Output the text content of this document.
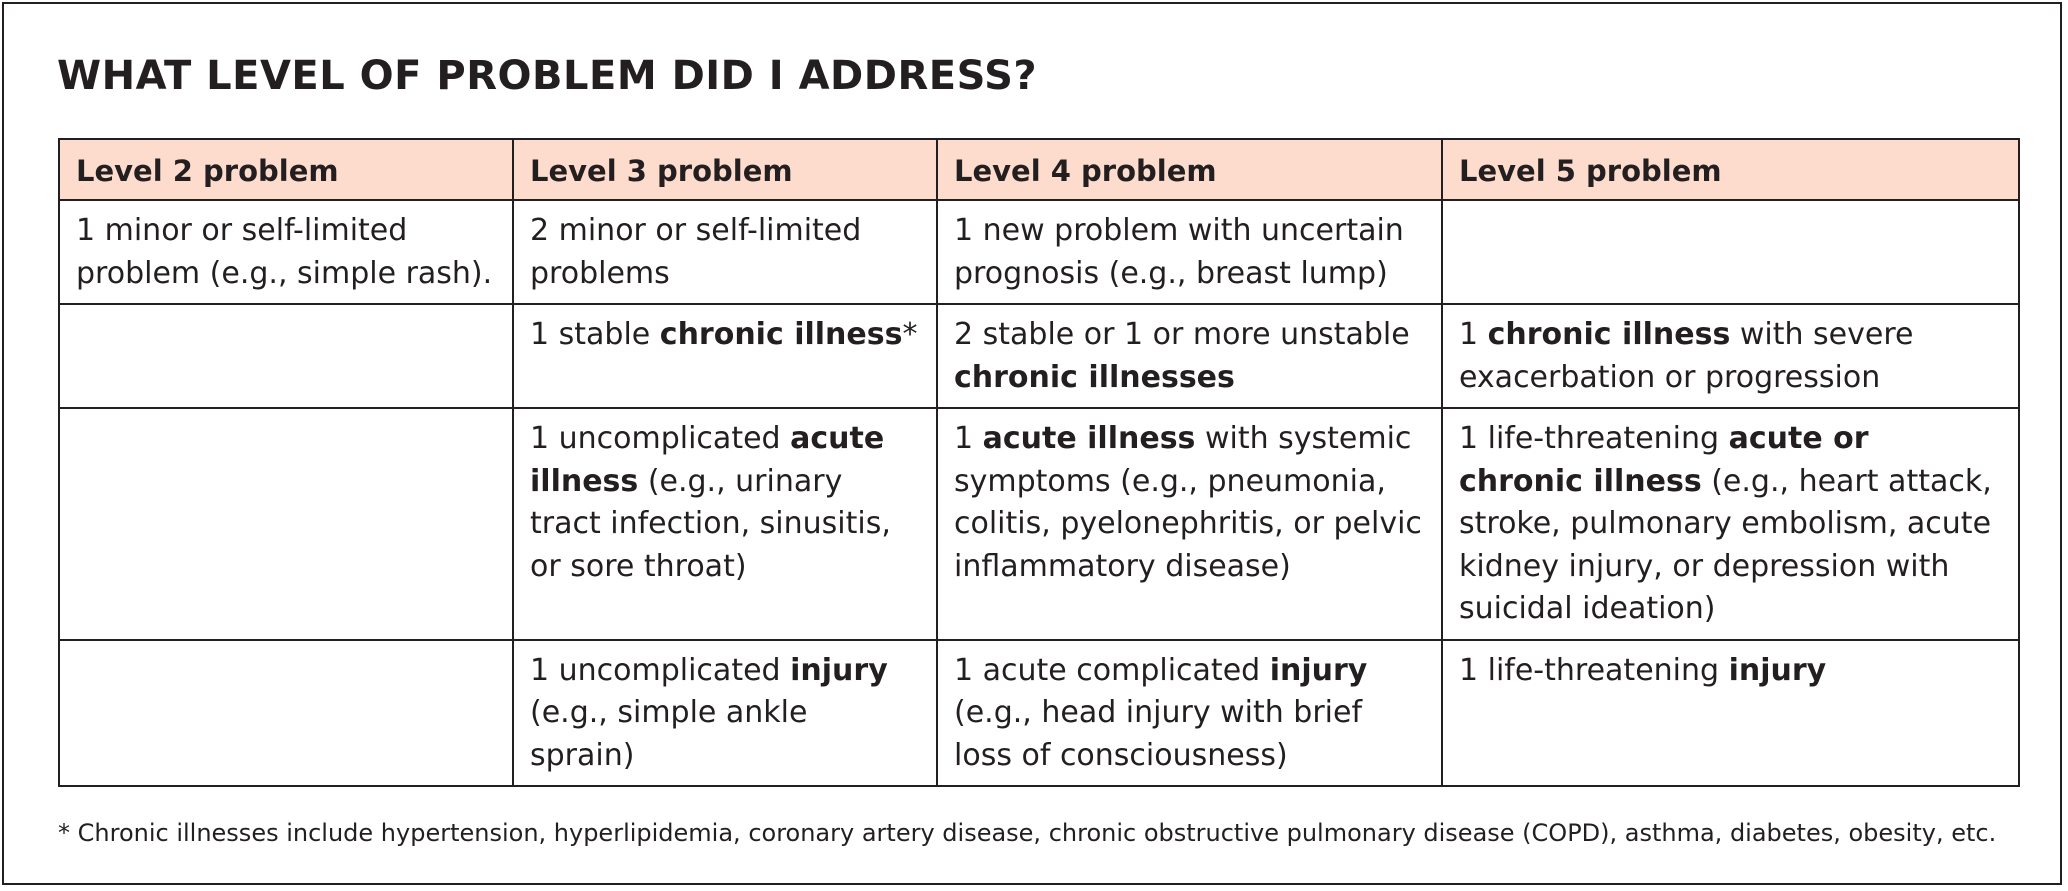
WHAT LEVEL OF PROBLEM DID I ADDRESS?
Level 2 problem	Level 3 problem	Level 4 problem	Level 5 problem
1 minor or self-limited problem (e.g., simple rash).	2 minor or self-limited problems	1 new problem with uncertain prognosis (e.g., breast lump)	
	1 stable chronic illness*	2 stable or 1 or more unstable chronic illnesses	1 chronic illness with severe exacerbation or progression
	1 uncomplicated acute illness (e.g., urinary tract infection, sinusitis, or sore throat)	1 acute illness with systemic symptoms (e.g., pneumonia, colitis, pyelonephritis, or pelvic inflammatory disease)	1 life-threatening acute or chronic illness (e.g., heart attack, stroke, pulmonary embolism, acute kidney injury, or depression with suicidal ideation)
	1 uncomplicated injury (e.g., simple ankle sprain)	1 acute complicated injury (e.g., head injury with brief loss of consciousness)	1 life-threatening injury

* Chronic illnesses include hypertension, hyperlipidemia, coronary artery disease, chronic obstructive pulmonary disease (COPD), asthma, diabetes, obesity, etc.
